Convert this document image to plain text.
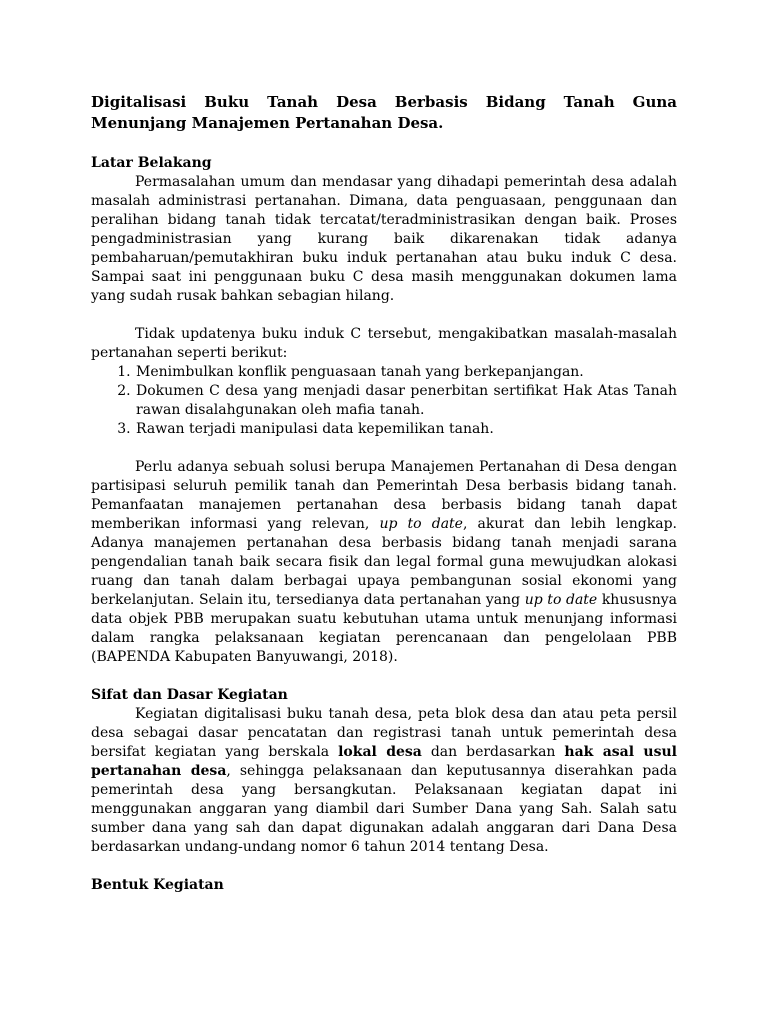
Digitalisasi Buku Tanah Desa Berbasis Bidang Tanah Guna
Menunjang Manajemen Pertanahan Desa.
Latar Belakang

Permasalahan umum dan mendasar yang dihadapi pemerintah desa adalah masalah administrasi pertanahan. Dimana, data penguasaan, penggunaan dan peralihan bidang tanah tidak tercatat/teradministrasikan dengan baik. Proses pengadministrasian yang kurang baik dikarenakan tidak adanya pembaharuan/pemutakhiran buku induk pertanahan atau buku induk C desa. Sampai saat ini penggunaan buku C desa masih menggunakan dokumen lama yang sudah rusak bahkan sebagian hilang.

Tidak updatenya buku induk C tersebut, mengakibatkan masalah-masalah pertanahan seperti berikut:

1. Menimbulkan konflik penguasaan tanah yang berkepanjangan.
2. Dokumen C desa yang menjadi dasar penerbitan sertifikat Hak Atas Tanah rawan disalahgunakan oleh mafia tanah.
3. Rawan terjadi manipulasi data kepemilikan tanah.

Perlu adanya sebuah solusi berupa Manajemen Pertanahan di Desa dengan partisipasi seluruh pemilik tanah dan Pemerintah Desa berbasis bidang tanah. Pemanfaatan manajemen pertanahan desa berbasis bidang tanah dapat memberikan informasi yang relevan, up to date, akurat dan lebih lengkap. Adanya manajemen pertanahan desa berbasis bidang tanah menjadi sarana pengendalian tanah baik secara fisik dan legal formal guna mewujudkan alokasi ruang dan tanah dalam berbagai upaya pembangunan sosial ekonomi yang berkelanjutan. Selain itu, tersedianya data pertanahan yang up to date khususnya data objek PBB merupakan suatu kebutuhan utama untuk menunjang informasi dalam rangka pelaksanaan kegiatan perencanaan dan pengelolaan PBB (BAPENDA Kabupaten Banyuwangi, 2018).

Sifat dan Dasar Kegiatan

Kegiatan digitalisasi buku tanah desa, peta blok desa dan atau peta persil desa sebagai dasar pencatatan dan registrasi tanah untuk pemerintah desa bersifat kegiatan yang berskala lokal desa dan berdasarkan hak asal usul pertanahan desa, sehingga pelaksanaan dan keputusannya diserahkan pada pemerintah desa yang bersangkutan. Pelaksanaan kegiatan dapat ini menggunakan anggaran yang diambil dari Sumber Dana yang Sah. Salah satu sumber dana yang sah dan dapat digunakan adalah anggaran dari Dana Desa berdasarkan undang-undang nomor 6 tahun 2014 tentang Desa.

Bentuk Kegiatan
